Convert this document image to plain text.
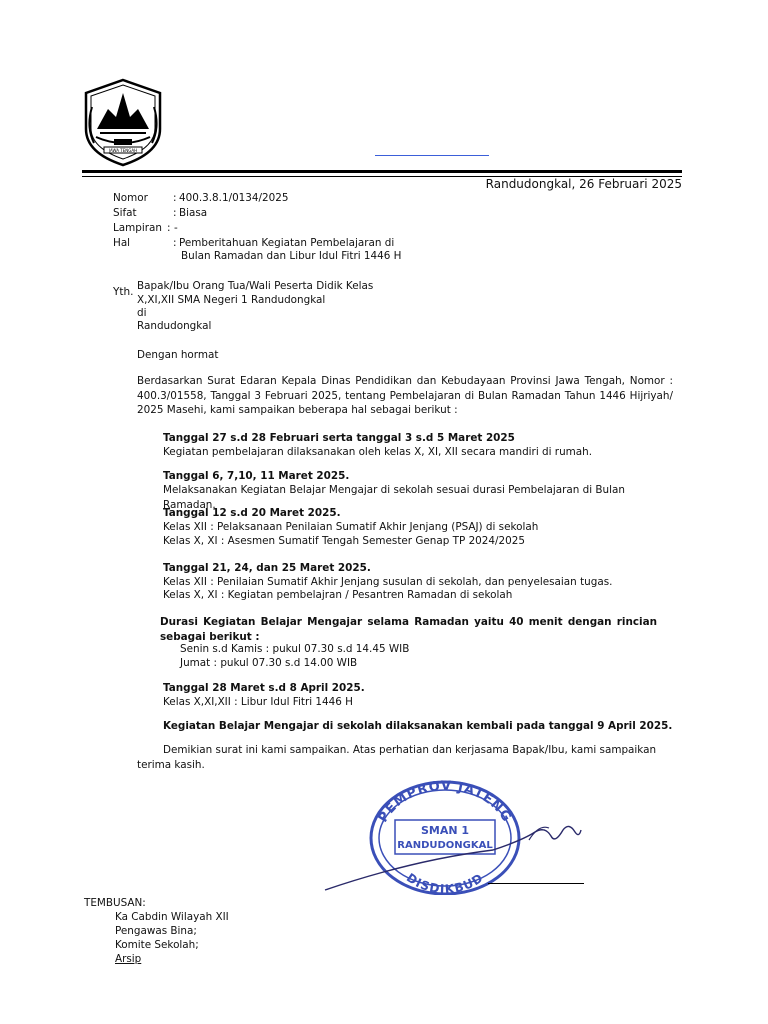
JAWA TENGAH
Randudongkal, 26 Februari 2025
Nomor : 400.3.8.1/0134/2025
Sifat	: Biasa
Lampiran : -
Hal	: Pemberitahuan Kegiatan Pembelajaran di
Bulan Ramadan dan Libur Idul Fitri 1446 H
Yth. Bapak/Ibu Orang Tua/Wali Peserta Didik Kelas
X,XI,XII SMA Negeri 1 Randudongkal
di
Randudongkal
Dengan hormat
Berdasarkan Surat Edaran Kepala Dinas Pendidikan dan Kebudayaan Provinsi Jawa Tengah, Nomor : 400.3/01558, Tanggal 3 Februari 2025, tentang Pembelajaran di Bulan Ramadan Tahun 1446 Hijriyah/ 2025 Masehi, kami sampaikan beberapa hal sebagai berikut :
Tanggal 27 s.d 28 Februari serta tanggal 3 s.d 5 Maret 2025
Kegiatan pembelajaran dilaksanakan oleh kelas X, XI, XII secara mandiri di rumah.
Tanggal 6, 7,10, 11 Maret 2025.
Melaksanakan Kegiatan Belajar Mengajar di sekolah sesuai durasi Pembelajaran di Bulan Ramadan.
Tanggal 12 s.d 20 Maret 2025.
Kelas XII : Pelaksanaan Penilaian Sumatif Akhir Jenjang (PSAJ) di sekolah
Kelas X, XI : Asesmen Sumatif Tengah Semester Genap TP 2024/2025
Tanggal 21, 24, dan 25 Maret 2025.
Kelas XII : Penilaian Sumatif Akhir Jenjang susulan di sekolah, dan penyelesaian tugas.
Kelas X, XI : Kegiatan pembelajran / Pesantren Ramadan di sekolah
Durasi Kegiatan Belajar Mengajar selama Ramadan yaitu 40 menit dengan rincian sebagai berikut :
Senin s.d Kamis : pukul 07.30 s.d 14.45 WIB
Jumat : pukul 07.30 s.d 14.00 WIB
Tanggal 28 Maret s.d 8 April 2025.
Kelas X,XI,XII : Libur Idul Fitri 1446 H
Kegiatan Belajar Mengajar di sekolah dilaksanakan kembali pada tanggal 9 April 2025.
Demikian surat ini kami sampaikan. Atas perhatian dan kerjasama Bapak/Ibu, kami sampaikan terima kasih.
PEMPROV JATENG
SMAN 1
RANDUDONGKAL
DISDIKBUD
TEMBUSAN:
Ka Cabdin Wilayah XII
Pengawas Bina;
Komite Sekolah;
Arsip
